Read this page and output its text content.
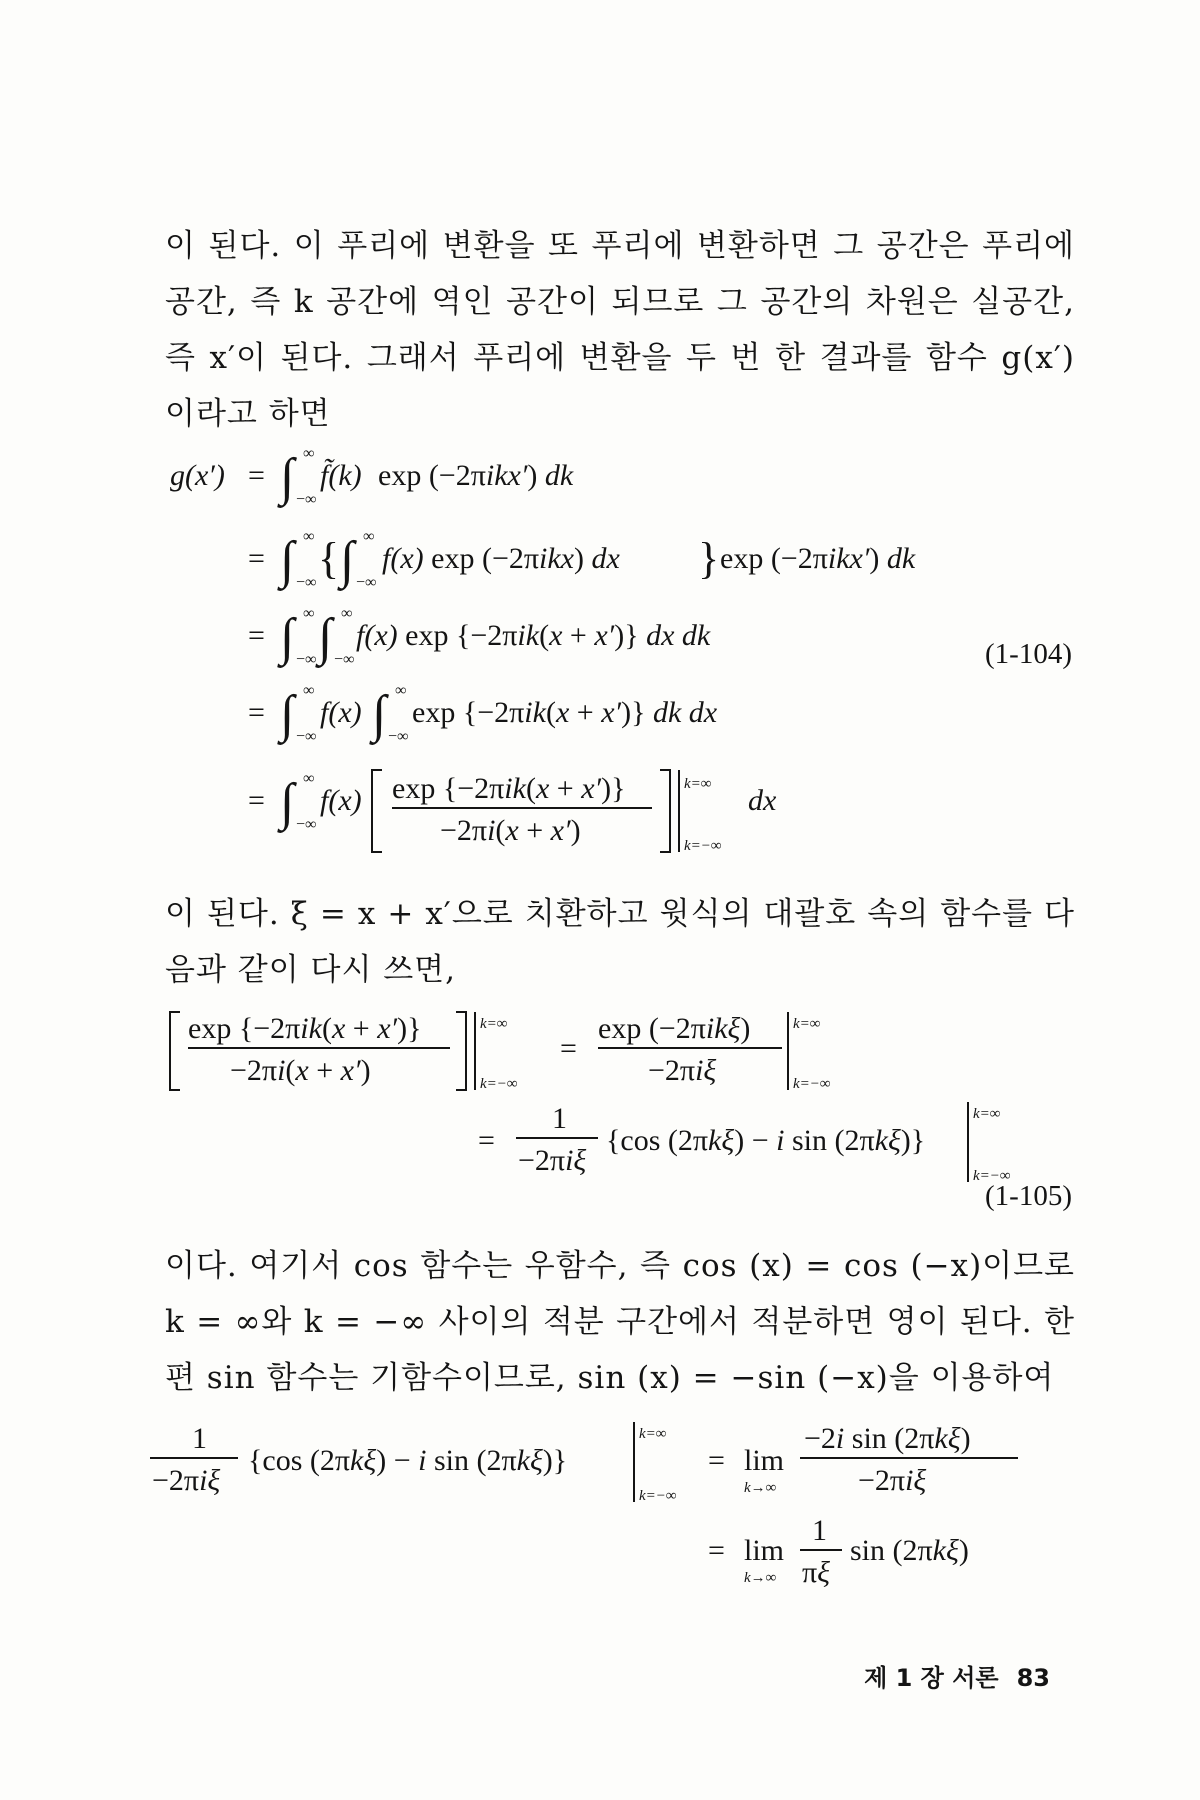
이 된다. 이 푸리에 변환을 또 푸리에 변환하면 그 공간은 푸리에 공간, 즉 k 공간에 역인 공간이 되므로 그 공간의 차원은 실공간, 즉 x′이 된다. 그래서 푸리에 변환을 두 번 한 결과를 함수 g(x′)이라고 하면
g(x′) = ∫ ∞
−∞
f̃(k) exp (−2πikx′) dk
= ∫ ∞
−∞ { ∫ ∞
−∞
f(x) exp (−2πikx) dx } exp (−2πikx′) dk
= ∫ ∞
−∞ ∫ ∞
−∞
f(x) exp {−2πik(x + x′)} dx dk
= ∫ ∞
−∞
f(x) ∫ ∞
−∞
exp {−2πik(x + x′)} dk dx
= ∫ ∞
−∞
f(x) exp {−2πik(x + x′)}
−2πi(x + x′)
k=∞
k=−∞
dx
(1-104)
이 된다. ξ = x + x′으로 치환하고 윗식의 대괄호 속의 함수를 다음과 같이 다시 쓰면,
exp {−2πik(x + x′)}
−2πi(x + x′)
k=∞
k=−∞
=
exp (−2πikξ)
−2πiξ
k=∞
k=−∞
=
1
−2πiξ
{cos (2πkξ) − i sin (2πkξ)}
k=∞
k=−∞
(1-105)
이다. 여기서 cos 함수는 우함수, 즉 cos (x) = cos (−x)이므로 k = ∞와 k = −∞ 사이의 적분 구간에서 적분하면 영이 된다. 한편 sin 함수는 기함수이므로, sin (x) = −sin (−x)을 이용하여
1
−2πiξ
{cos (2πkξ) − i sin (2πkξ)}
k=∞
k=−∞
= lim
k→∞
−2i sin (2πkξ)
−2πiξ
= lim
k→∞
1
πξ
sin (2πkξ)
제 1 장 서론 83
